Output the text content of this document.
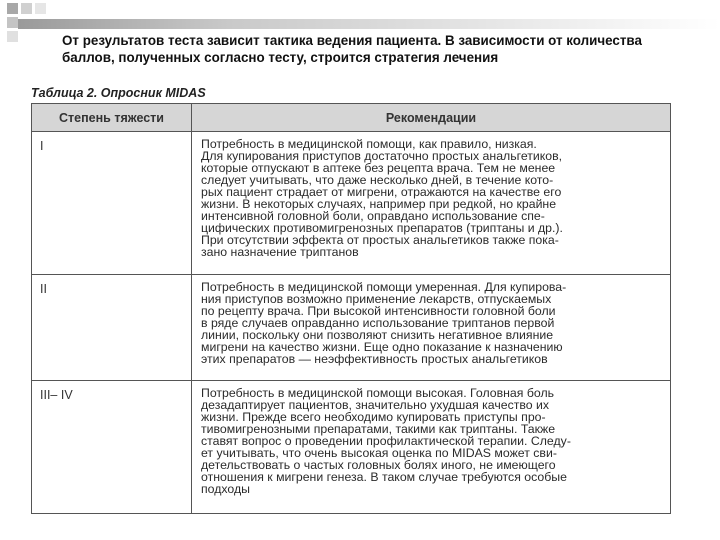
От результатов теста зависит тактика ведения пациента. В зависимости от количества баллов, полученных согласно тесту, строится стратегия лечения
Таблица 2. Опросник MIDAS
Степень тяжести	Рекомендации
I	Потребность в медицинской помощи, как правило, низкая.
Для купирования приступов достаточно простых анальгетиков,
которые отпускают в аптеке без рецепта врача. Тем не менее
следует учитывать, что даже несколько дней, в течение кото-
рых пациент страдает от мигрени, отражаются на качестве его
жизни. В некоторых случаях, например при редкой, но крайне
интенсивной головной боли, оправдано использование спе-
цифических противомигренозных препаратов (триптаны и др.).
При отсутствии эффекта от простых анальгетиков также пока-
зано назначение триптанов
II	Потребность в медицинской помощи умеренная. Для купирова-
ния приступов возможно применение лекарств, отпускаемых
по рецепту врача. При высокой интенсивности головной боли
в ряде случаев оправданно использование триптанов первой
линии, поскольку они позволяют снизить негативное влияние
мигрени на качество жизни. Еще одно показание к назначению
этих препаратов — неэффективность простых анальгетиков
III– IV	Потребность в медицинской помощи высокая. Головная боль
дезадаптирует пациентов, значительно ухудшая качество их
жизни. Прежде всего необходимо купировать приступы про-
тивомигренозными препаратами, такими как триптаны. Также
ставят вопрос о проведении профилактической терапии. Следу-
ет учитывать, что очень высокая оценка по MIDAS может сви-
детельствовать о частых головных болях иного, не имеющего
отношения к мигрени генеза. В таком случае требуются особые
подходы
